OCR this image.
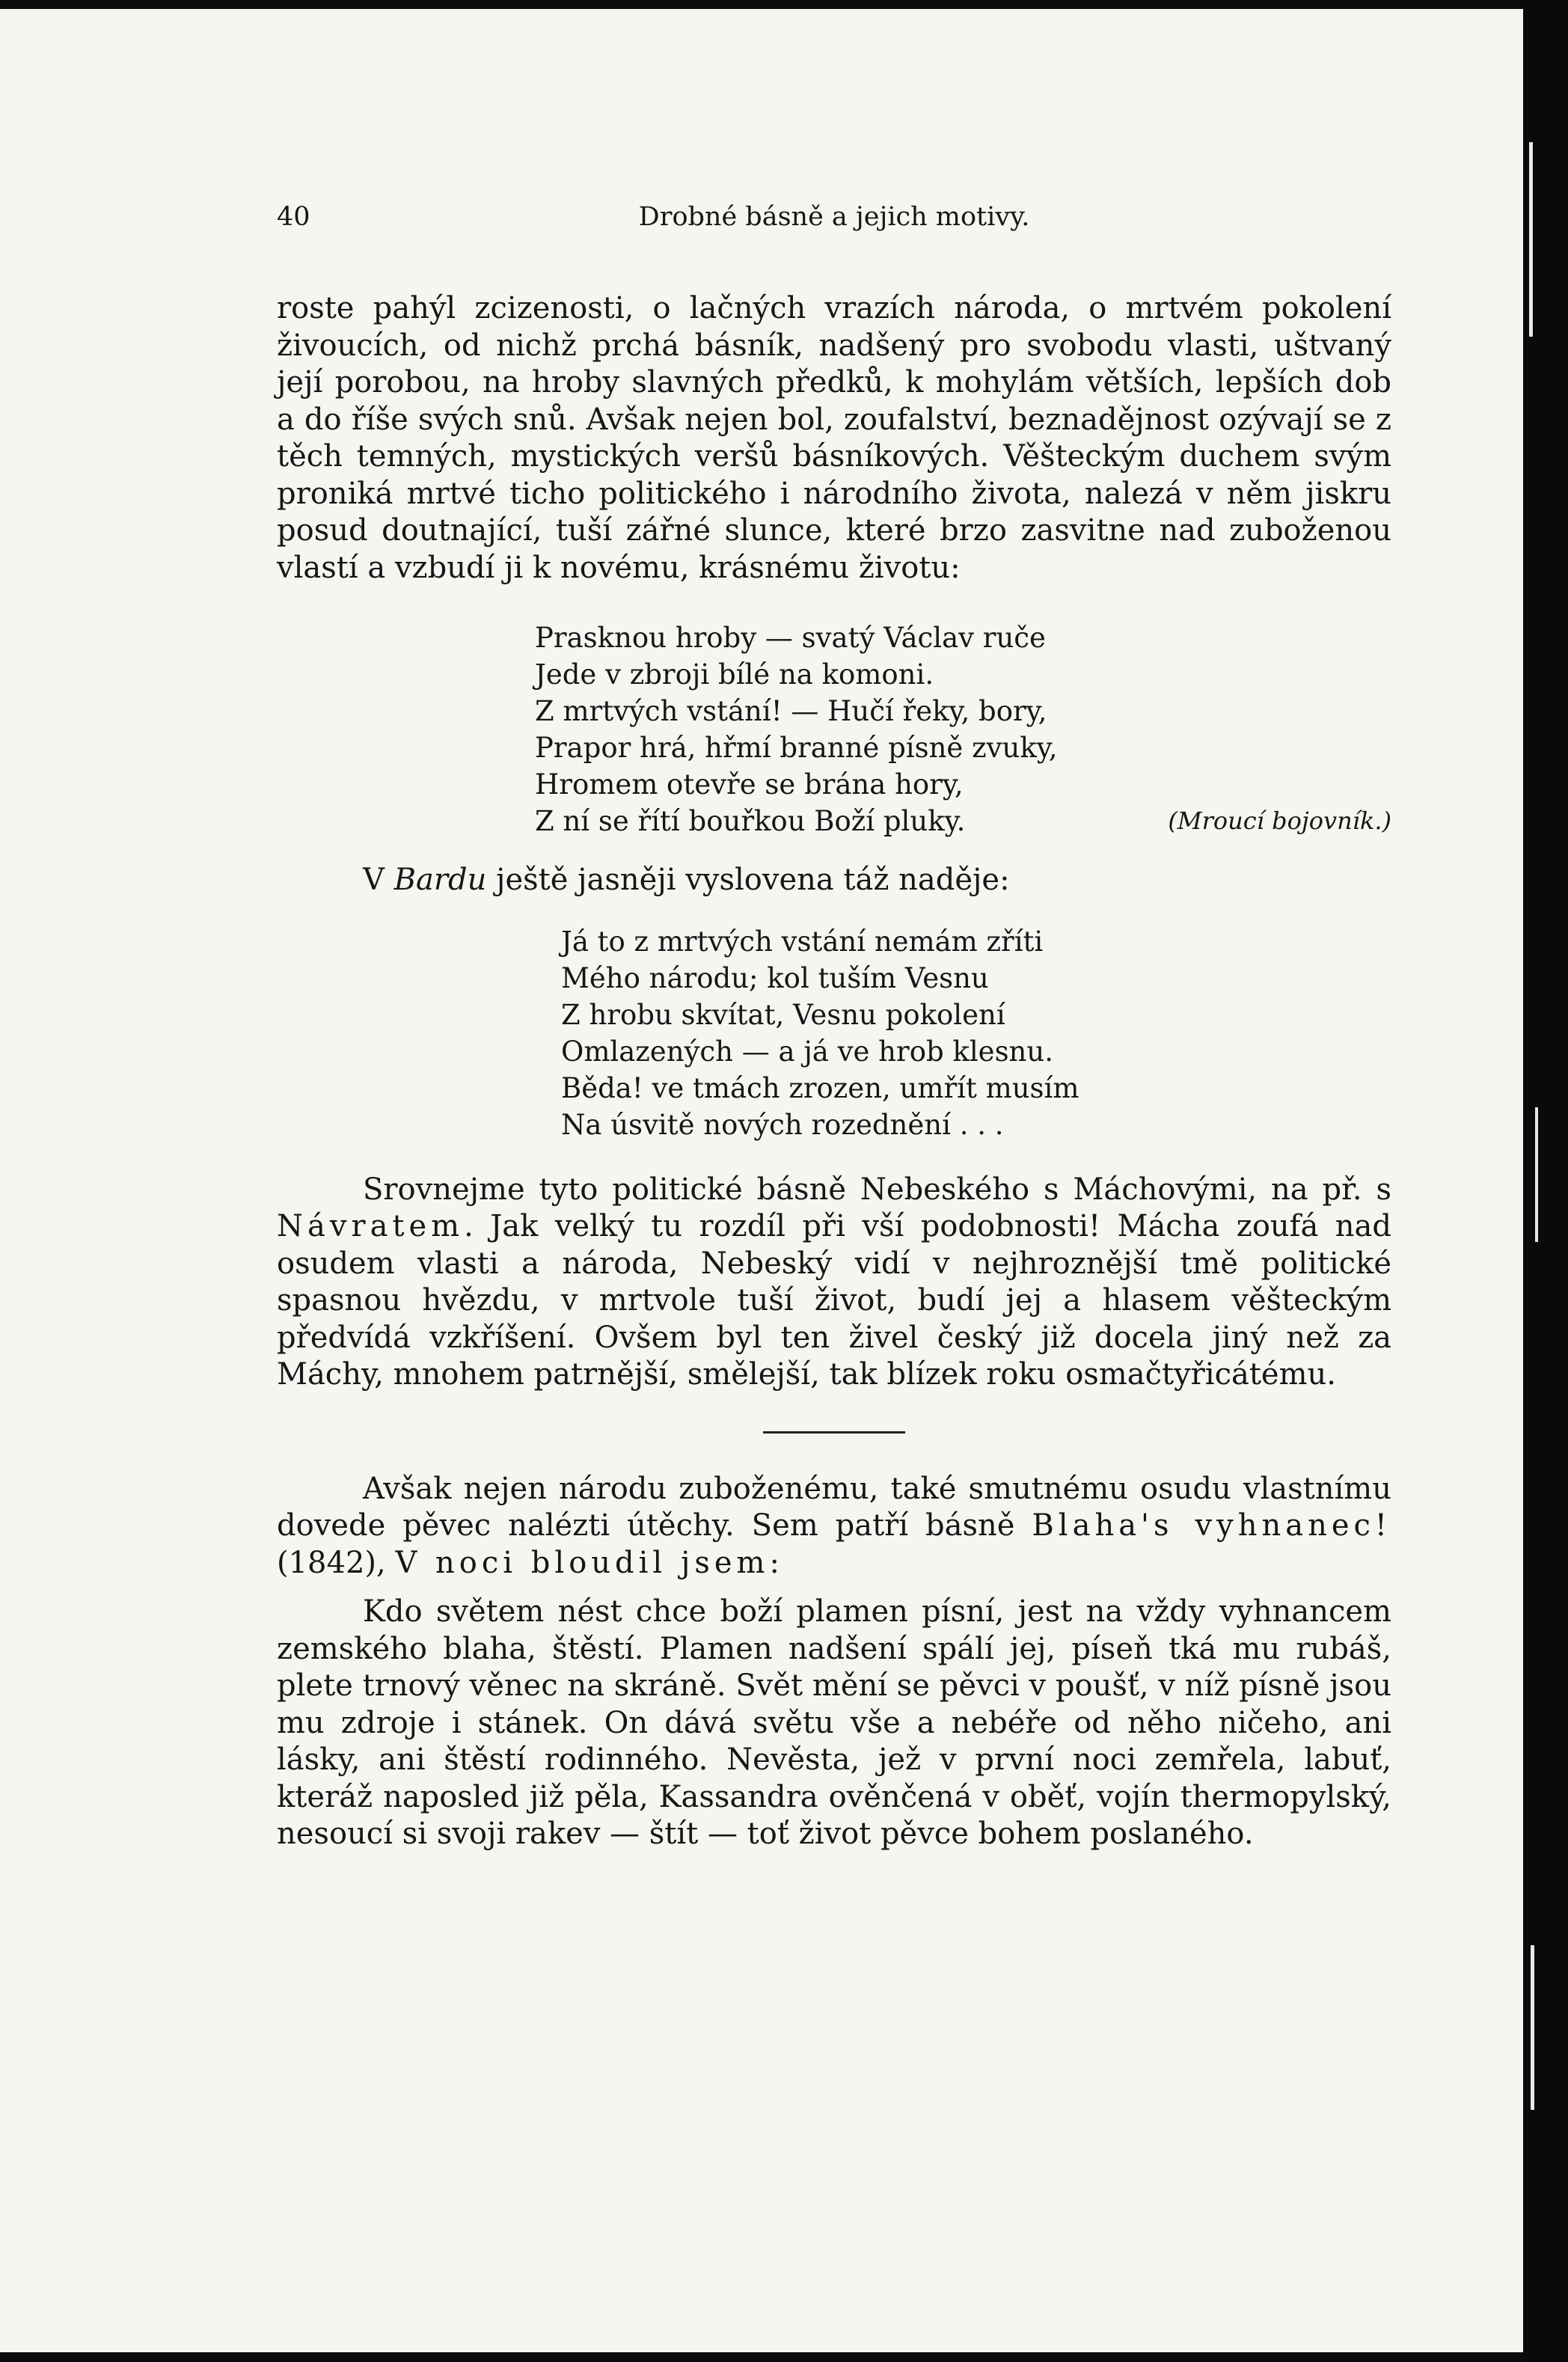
40	Drobné básně a jejich motivy.

roste pahýl zcizenosti, o lačných vrazích národa, o mrtvém pokolení živoucích, od nichž prchá básník, nadšený pro svobodu vlasti, uštvaný její porobou, na hroby slavných předků, k mohylám větších, lepších dob a do říše svých snů. Avšak nejen bol, zoufalství, beznadějnost ozývají se z těch temných, mystických veršů básníkových. Věšteckým duchem svým proniká mrtvé ticho politického i národního života, nalezá v něm jiskru posud doutnající, tuší zářné slunce, které brzo zasvitne nad zuboženou vlastí a vzbudí ji k novému, krásnému životu:

Prasknou hroby — svatý Václav ruče
Jede v zbroji bílé na komoni.
Z mrtvých vstání! — Hučí řeky, bory,
Prapor hrá, hřmí branné písně zvuky,
Hromem otevře se brána hory,
Z ní se řítí bouřkou Boží pluky.	(Mroucí bojovník.)

V Bardu ještě jasněji vyslovena táž naděje:

Já to z mrtvých vstání nemám zříti
Mého národu; kol tuším Vesnu
Z hrobu skvítat, Vesnu pokolení
Omlazených — a já ve hrob klesnu.
Běda! ve tmách zrozen, umřít musím
Na úsvitě nových rozednění . . .

Srovnejme tyto politické básně Nebeského s Máchovými, na př. s Návratem. Jak velký tu rozdíl při vší podobnosti! Mácha zoufá nad osudem vlasti a národa, Nebeský vidí v nejhroznější tmě politické spasnou hvězdu, v mrtvole tuší život, budí jej a hlasem věšteckým předvídá vzkříšení. Ovšem byl ten živel český již docela jiný než za Máchy, mnohem patrnější, smělejší, tak blízek roku osmačtyřicátému.

Avšak nejen národu zuboženému, také smutnému osudu vlastnímu dovede pěvec nalézti útěchy. Sem patří básně Blaha's vyhnanec! (1842), V noci bloudil jsem:

Kdo světem nést chce boží plamen písní, jest na vždy vyhnancem zemského blaha, štěstí. Plamen nadšení spálí jej, píseň tká mu rubáš, plete trnový věnec na skráně. Svět mění se pěvci v poušť, v níž písně jsou mu zdroje i stánek. On dává světu vše a nebéře od něho ničeho, ani lásky, ani štěstí rodinného. Nevěsta, jež v první noci zemřela, labuť, kteráž naposled již pěla, Kassandra ověnčená v oběť, vojín thermopylský, nesoucí si svoji rakev — štít — toť život pěvce bohem poslaného.
